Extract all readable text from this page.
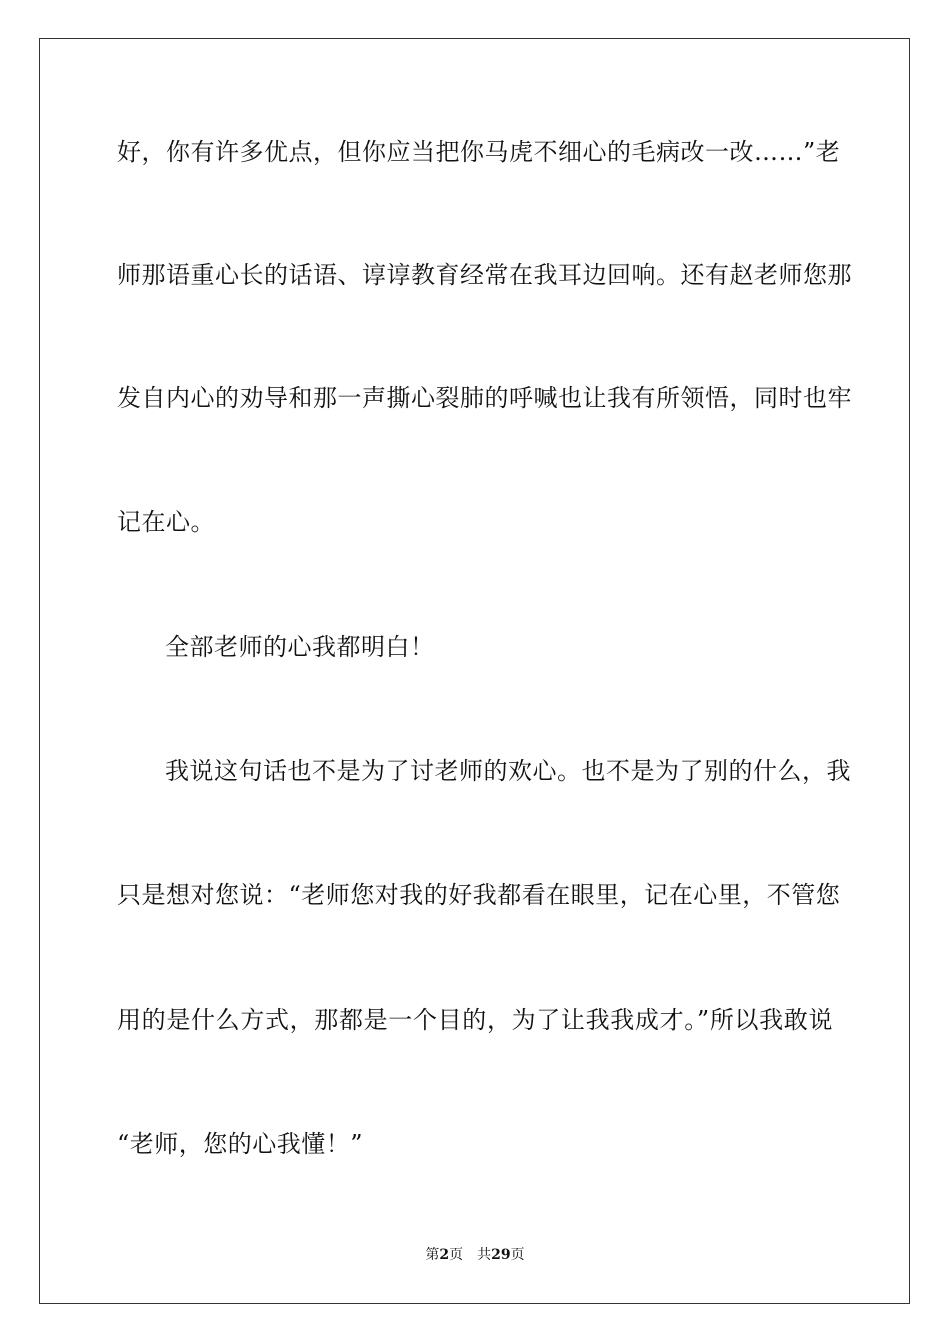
好，你有许多优点，但你应当把你马虎不细心的毛病改一改……”老
师那语重心长的话语、谆谆教育经常在我耳边回响。还有赵老师您那
发自内心的劝导和那一声撕心裂肺的呼喊也让我有所领悟，同时也牢
记在心。
全部老师的心我都明白！
我说这句话也不是为了讨老师的欢心。也不是为了别的什么，我
只是想对您说：“老师您对我的好我都看在眼里，记在心里，不管您
用的是什么方式，那都是一个目的，为了让我我成才。”所以我敢说
“老师，您的心我懂！”
第2页 共29页
